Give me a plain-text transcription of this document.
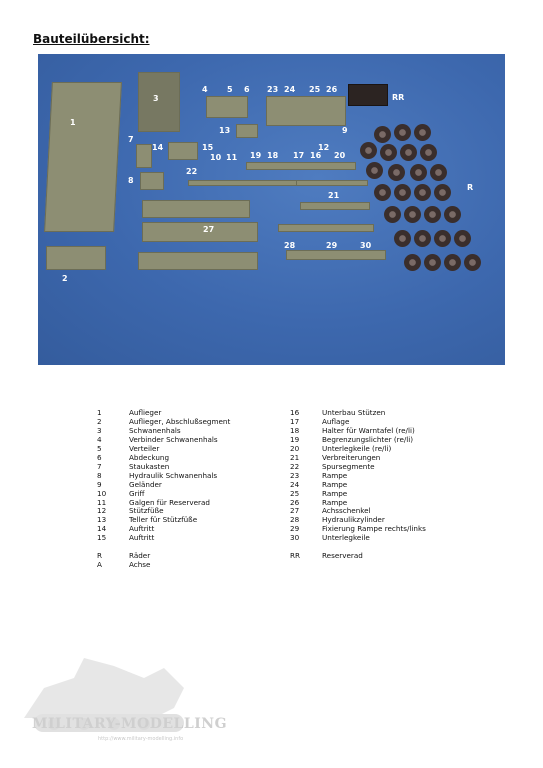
Bauteilübersicht:
1
2
3
4 5 6
7
8
9
10 11
12
13
14	15
16
17
18
19	20
21
22
23 24 25 26
27
28	29	30
R
RR
1	Auflieger
2	Auflieger, Abschlußsegment
3	Schwanenhals
4	Verbinder Schwanenhals
5	Verteiler
6	Abdeckung
7	Staukasten
8	Hydraulik Schwanenhals
9	Geländer
10	Griff
11	Galgen für Reserverad
12	Stützfüße
13	Teller für Stützfüße
14	Auftritt
15	Auftritt
R	Räder
A	Achse
16	Unterbau Stützen
17	Auflage
18	Halter für Warntafel (re/li)
19	Begrenzungslichter (re/li)
20	Unterlegkeile (re/li)
21	Verbreiterungen
22	Spursegmente
23	Rampe
24	Rampe
25	Rampe
26	Rampe
27	Achsschenkel
28	Hydraulikzylinder
29	Fixierung Rampe rechts/links
30	Unterlegkeile
RR	Reserverad
MILITARY-MODELLING
http://www.military-modelling.info
